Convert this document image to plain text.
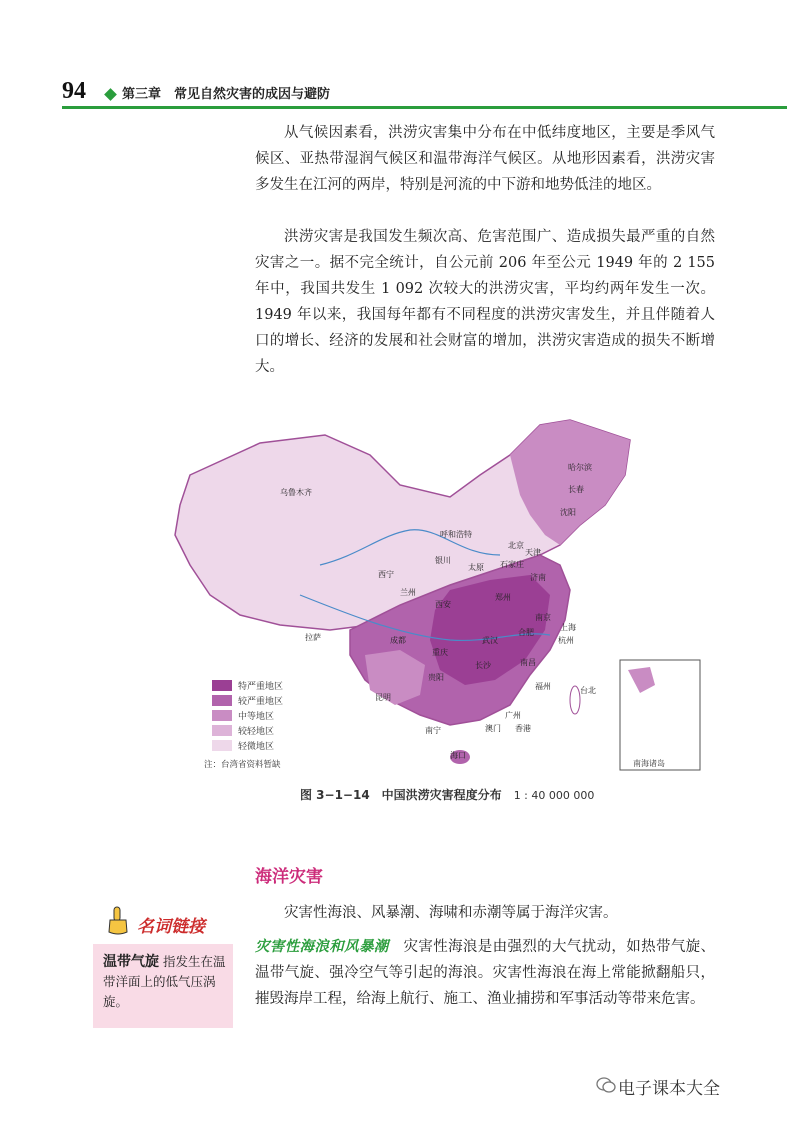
94	第三章　常见自然灾害的成因与避防

从气候因素看，洪涝灾害集中分布在中低纬度地区，主要是季风气候区、亚热带湿润气候区和温带海洋气候区。从地形因素看，洪涝灾害多发生在江河的两岸，特别是河流的中下游和地势低洼的地区。

洪涝灾害是我国发生频次高、危害范围广、造成损失最严重的自然灾害之一。据不完全统计，自公元前 206 年至公元 1949 年的 2 155 年中，我国共发生 1 092 次较大的洪涝灾害，平均约两年发生一次。1949 年以来，我国每年都有不同程度的洪涝灾害发生，并且伴随着人口的增长、经济的发展和社会财富的增加，洪涝灾害造成的损失不断增大。

南海诸岛
特严重地区
较严重地区
中等地区
较轻地区
轻微地区
注：台湾省资料暂缺
乌鲁木齐
哈尔滨
长春
沈阳
呼和浩特
北京
天津
银川
太原 石家庄
济南
西宁
兰州
西安
郑州
拉萨	成都
南京
合肥
上海
武汉	杭州
重庆
长沙	南昌
贵阳
福州	台北
昆明
南宁
广州
香港
澳门
海口
图 3−1−14　中国洪涝灾害程度分布 1 : 40 000 000
海洋灾害

灾害性海浪、风暴潮、海啸和赤潮等属于海洋灾害。

灾害性海浪和风暴潮　 灾害性海浪是由强烈的大气扰动，如热带气旋、温带气旋、强冷空气等引起的海浪。灾害性海浪在海上常能掀翻船只，摧毁海岸工程，给海上航行、施工、渔业捕捞和军事活动等带来危害。

名词链接
温带气旋 指发生在温带洋面上的低气压涡旋。
电子课本大全
